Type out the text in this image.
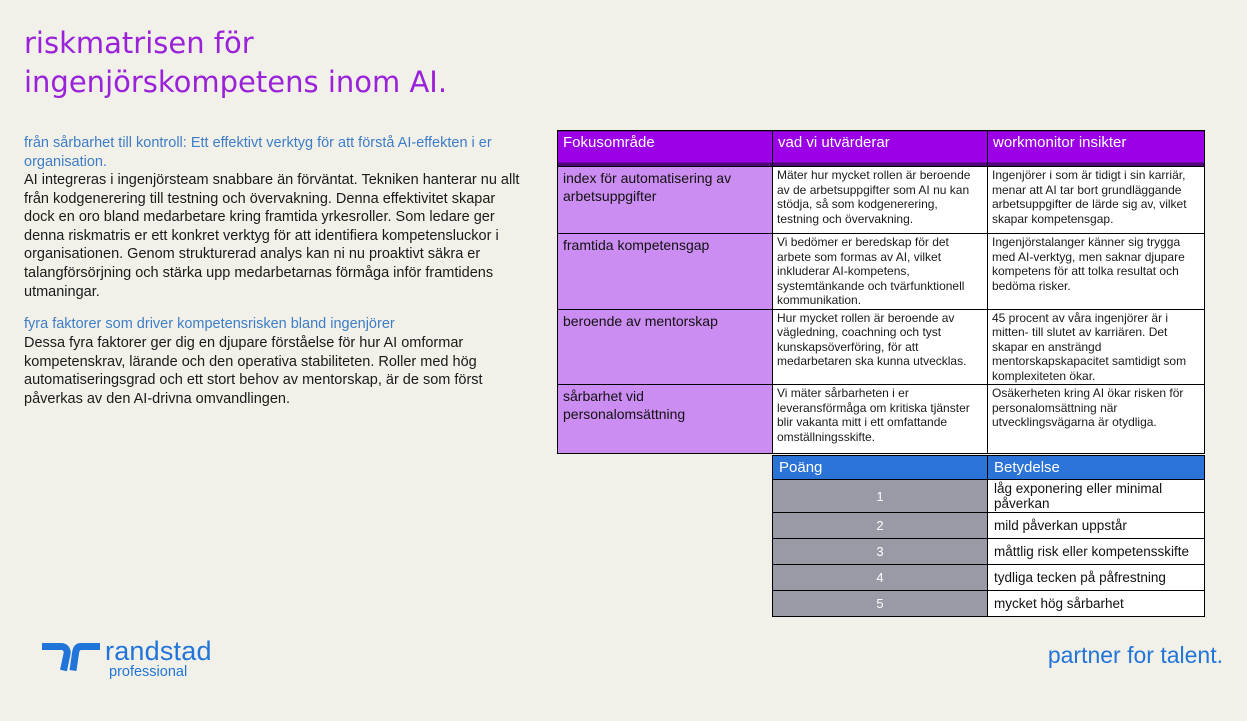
riskmatrisen för
ingenjörskompetens inom AI.
från sårbarhet till kontroll: Ett effektivt verktyg för att förstå AI-effekten i er organisation.
AI integreras i ingenjörsteam snabbare än förväntat. Tekniken hanterar nu allt från kodgenerering till testning och övervakning. Denna effektivitet skapar dock en oro bland medarbetare kring framtida yrkesroller. Som ledare ger denna riskmatris er ett konkret verktyg för att identifiera kompetensluckor i organisationen. Genom strukturerad analys kan ni nu proaktivt säkra er talangförsörjning och stärka upp medarbetarnas förmåga inför framtidens utmaningar.
fyra faktorer som driver kompetensrisken bland ingenjörer
Dessa fyra faktorer ger dig en djupare förståelse för hur AI omformar kompetenskrav, lärande och den operativa stabiliteten. Roller med hög automatiseringsgrad och ett stort behov av mentorskap, är de som först påverkas av den AI-drivna omvandlingen.
Fokusområde	vad vi utvärderar	workmonitor insikter
index för automatisering av arbetsuppgifter	Mäter hur mycket rollen är beroende av de arbetsuppgifter som AI nu kan stödja, så som kodgenerering, testning och övervakning.	Ingenjörer i som är tidigt i sin karriär, menar att AI tar bort grundläggande arbetsuppgifter de lärde sig av, vilket skapar kompetensgap.
framtida kompetensgap	Vi bedömer er beredskap för det arbete som formas av AI, vilket inkluderar AI-kompetens, systemtänkande och tvärfunktionell kommunikation.	Ingenjörstalanger känner sig trygga med AI-verktyg, men saknar djupare kompetens för att tolka resultat och bedöma risker.
beroende av mentorskap	Hur mycket rollen är beroende av vägledning, coachning och tyst kunskapsöverföring, för att medarbetaren ska kunna utvecklas.	45 procent av våra ingenjörer är i mitten- till slutet av karriären. Det skapar en ansträngd mentorskapskapacitet samtidigt som komplexiteten ökar.
sårbarhet vid personalomsättning	Vi mäter sårbarheten i er leveransförmåga om kritiska tjänster blir vakanta mitt i ett omfattande omställningsskifte.	Osäkerheten kring AI ökar risken för personalomsättning när utvecklingsvägarna är otydliga.
Poäng	Betydelse
1	låg exponering eller minimal påverkan
2	mild påverkan uppstår
3	måttlig risk eller kompetensskifte
4	tydliga tecken på påfrestning
5	mycket hög sårbarhet
randstad
professional
partner for talent.
